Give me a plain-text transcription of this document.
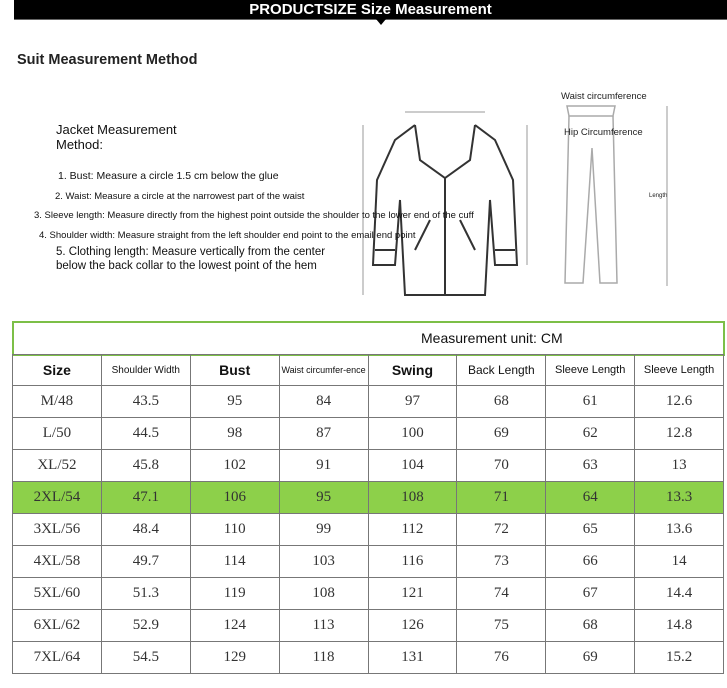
PRODUCTSIZE Size Measurement
Suit Measurement Method
Jacket Measurement Method:
1. Bust: Measure a circle 1.5 cm below the glue
2. Waist: Measure a circle at the narrowest part of the waist
3. Sleeve length: Measure directly from the highest point outside the shoulder to the lower end of the cuff
4. Shoulder width: Measure straight from the left shoulder end point to the email end point
5. Clothing length: Measure vertically from the center below the back collar to the lowest point of the hem
Waist circumference
Hip Circumference
Length
Measurement unit: CM
Size	Shoulder Width	Bust	Waist circumfer-ence	Swing	Back Length	Sleeve Length	Sleeve Length
M/48	43.5	95	84	97	68	61	12.6
L/50	44.5	98	87	100	69	62	12.8
XL/52	45.8	102	91	104	70	63	13
2XL/54	47.1	106	95	108	71	64	13.3
3XL/56	48.4	110	99	112	72	65	13.6
4XL/58	49.7	114	103	116	73	66	14
5XL/60	51.3	119	108	121	74	67	14.4
6XL/62	52.9	124	113	126	75	68	14.8
7XL/64	54.5	129	118	131	76	69	15.2
